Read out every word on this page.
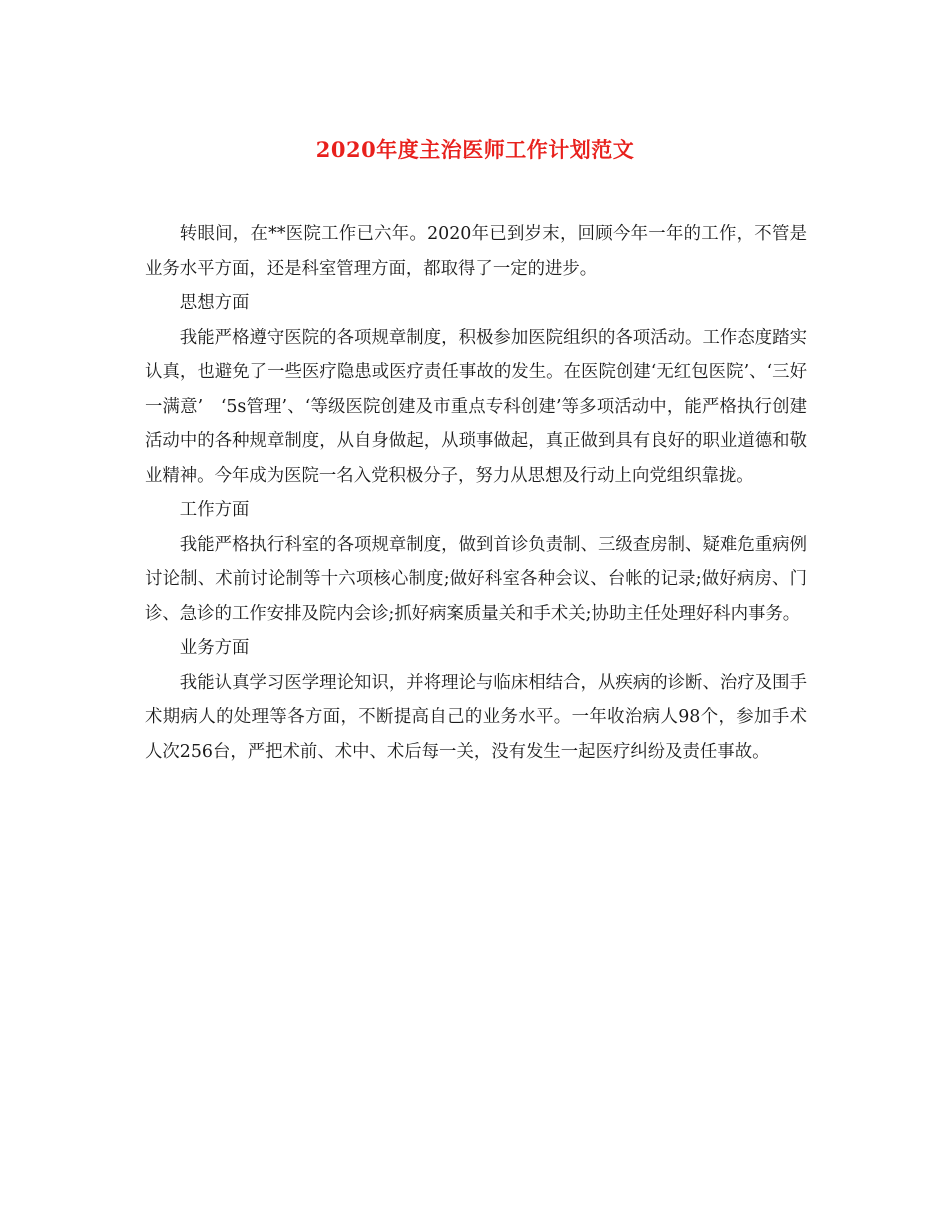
2020年度主治医师工作计划范文

转眼间，在**医院工作已六年。2020年已到岁末，回顾今年一年的工作，不管是业务水平方面，还是科室管理方面，都取得了一定的进步。

思想方面

我能严格遵守医院的各项规章制度，积极参加医院组织的各项活动。工作态度踏实认真，也避免了一些医疗隐患或医疗责任事故的发生。在医院创建‘无红包医院’、‘三好一满意’　‘5s管理’、‘等级医院创建及市重点专科创建’等多项活动中，能严格执行创建活动中的各种规章制度，从自身做起，从琐事做起，真正做到具有良好的职业道德和敬业精神。今年成为医院一名入党积极分子，努力从思想及行动上向党组织靠拢。

工作方面

我能严格执行科室的各项规章制度，做到首诊负责制、三级查房制、疑难危重病例讨论制、术前讨论制等十六项核心制度;做好科室各种会议、台帐的记录;做好病房、门诊、急诊的工作安排及院内会诊;抓好病案质量关和手术关;协助主任处理好科内事务。

业务方面

我能认真学习医学理论知识，并将理论与临床相结合，从疾病的诊断、治疗及围手术期病人的处理等各方面，不断提高自己的业务水平。一年收治病人98个，参加手术人次256台，严把术前、术中、术后每一关，没有发生一起医疗纠纷及责任事故。
